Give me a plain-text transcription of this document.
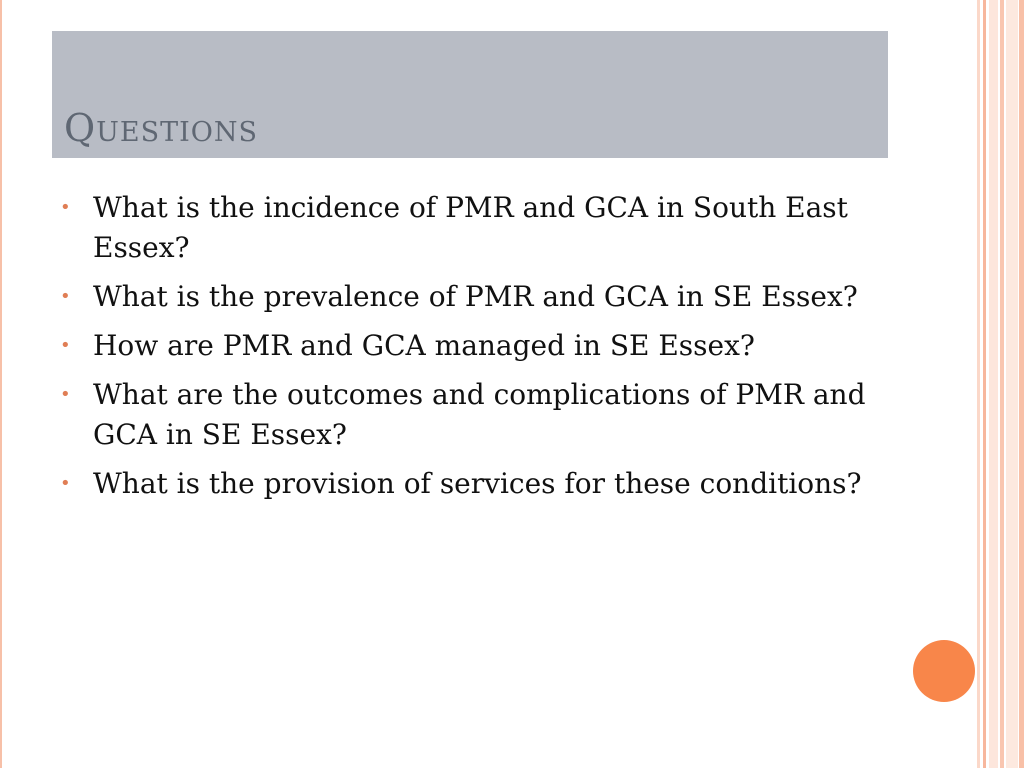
Questions
• What is the incidence of PMR and GCA in South East Essex?
• What is the prevalence of PMR and GCA in SE Essex?
• How are PMR and GCA managed in SE Essex?
• What are the outcomes and complications of PMR and GCA in SE Essex?
• What is the provision of services for these conditions?
